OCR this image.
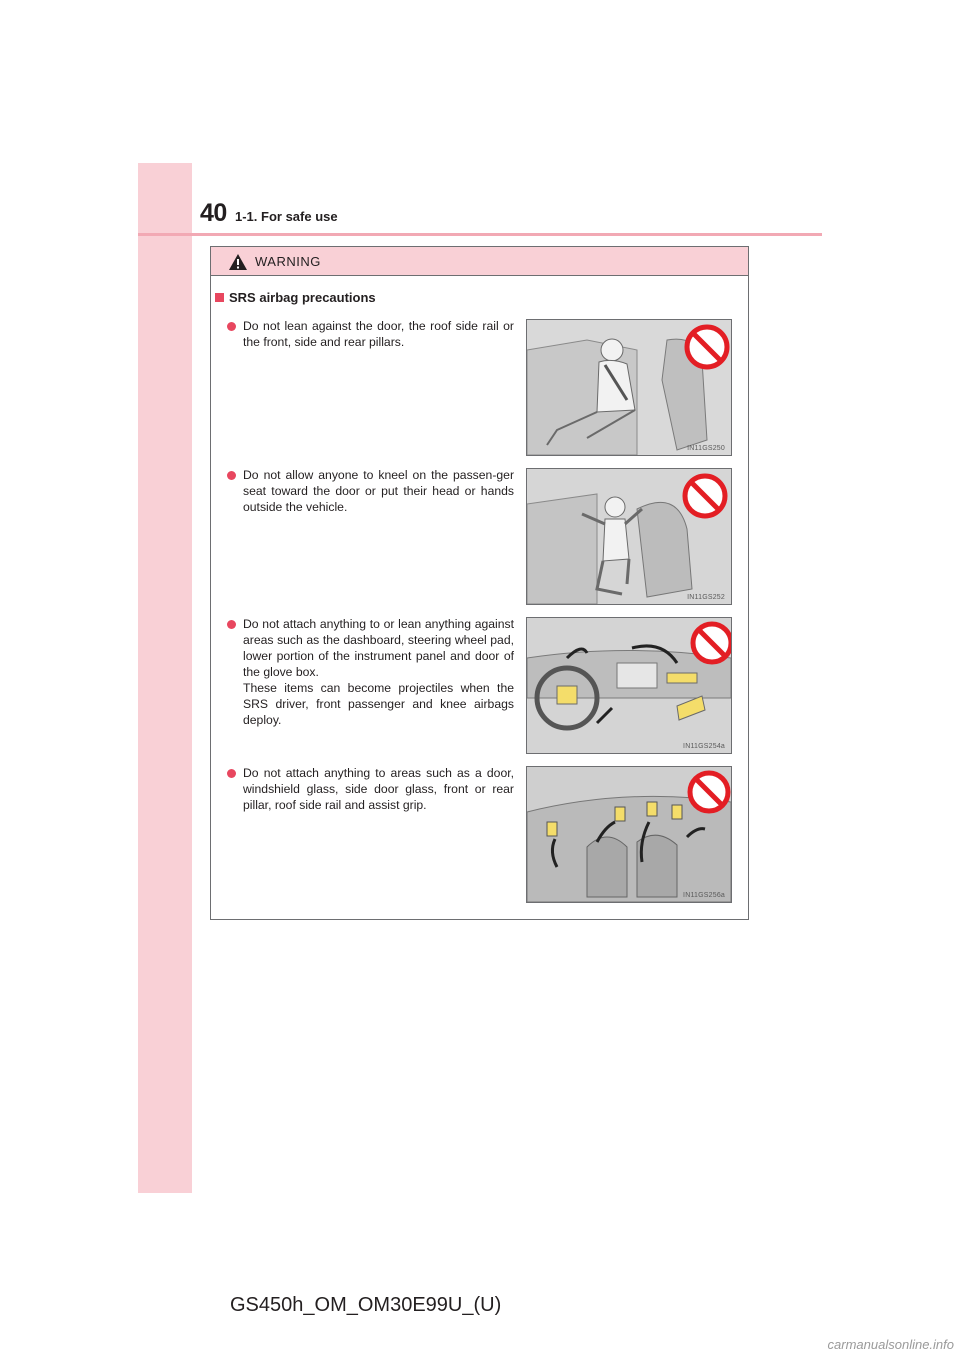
40 1-1. For safe use
WARNING
SRS airbag precautions
Do not lean against the door, the roof side rail or the front, side and rear pillars.
IN11GS250
Do not allow anyone to kneel on the passen-ger seat toward the door or put their head or hands outside the vehicle.
IN11GS252
Do not attach anything to or lean anything against areas such as the dashboard, steering wheel pad, lower portion of the instrument panel and door of the glove box.
These items can become projectiles when the SRS driver, front passenger and knee airbags deploy.
IN11GS254a
Do not attach anything to areas such as a door, windshield glass, side door glass, front or rear pillar, roof side rail and assist grip.
IN11GS256a
GS450h_OM_OM30E99U_(U)
carmanualsonline.info
